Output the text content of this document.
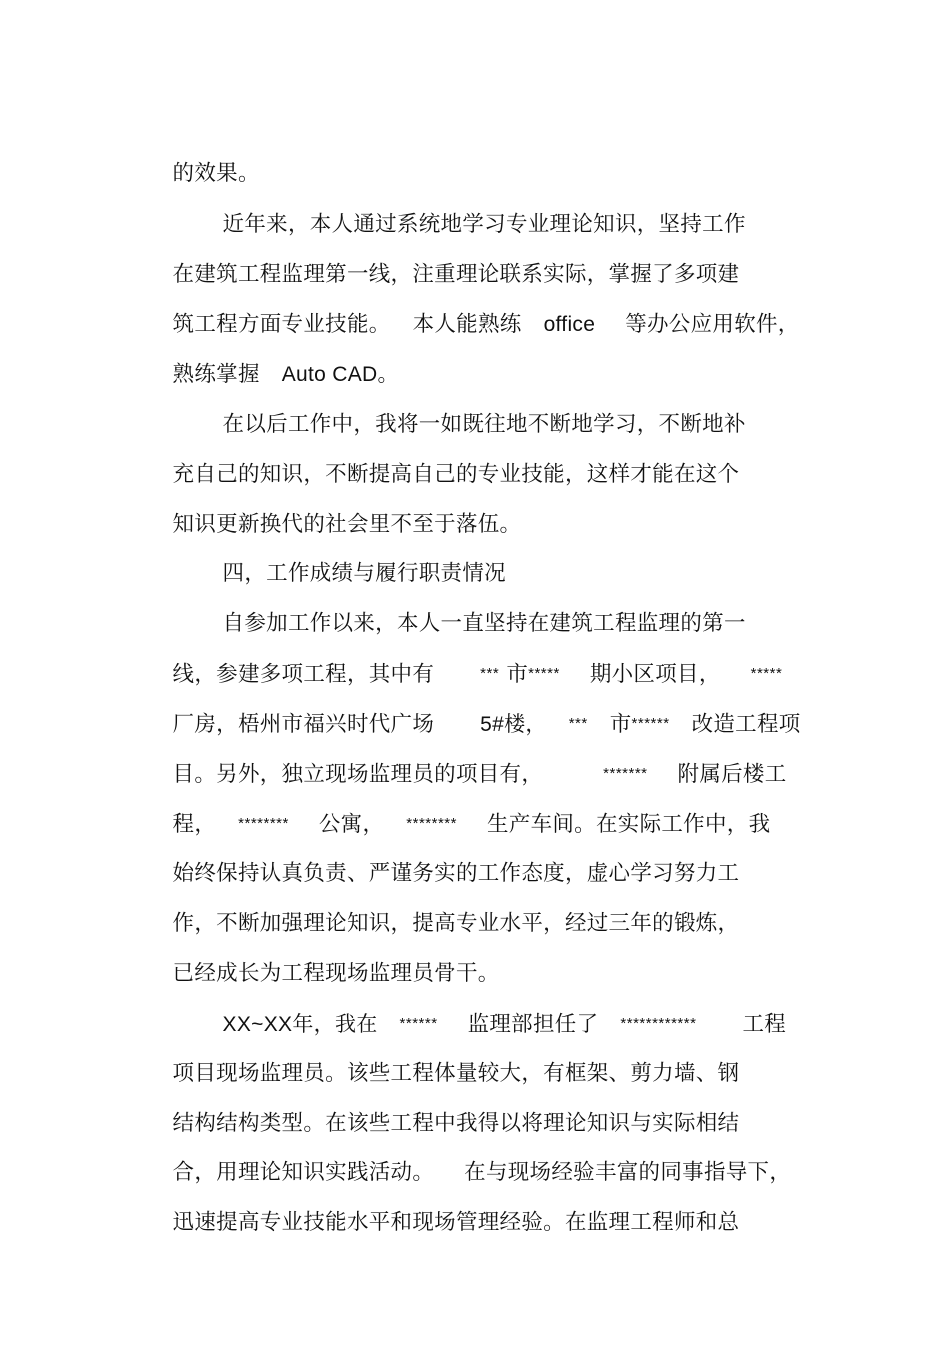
的效果。

近年来，本人通过系统地学习专业理论知识，坚持工作

在建筑工程监理第一线，注重理论联系实际，掌握了多项建

筑工程方面专业技能。 本人能熟练 office 等办公应用软件，

熟练掌握 Auto CAD。

在以后工作中，我将一如既往地不断地学习，不断地补

充自己的知识，不断提高自己的专业技能，这样才能在这个

知识更新换代的社会里不至于落伍。

四，工作成绩与履行职责情况

自参加工作以来，本人一直坚持在建筑工程监理的第一

线，参建多项工程，其中有	*** 市***** 期小区项目， *****

厂房，梧州市福兴时代广场 5#楼， *** 市****** 改造工程项

目。另外，独立现场监理员的项目有，	******* 附属后楼工

程， ******** 公寓， ******** 生产车间。在实际工作中，我

始终保持认真负责、严谨务实的工作态度，虚心学习努力工

作，不断加强理论知识，提高专业水平，经过三年的锻炼，

已经成长为工程现场监理员骨干。

XX~XX年，我在 ****** 监理部担任了 ************ 工程

项目现场监理员。该些工程体量较大，有框架、剪力墙、钢

结构结构类型。在该些工程中我得以将理论知识与实际相结

合，用理论知识实践活动。 在与现场经验丰富的同事指导下，

迅速提高专业技能水平和现场管理经验。在监理工程师和总
